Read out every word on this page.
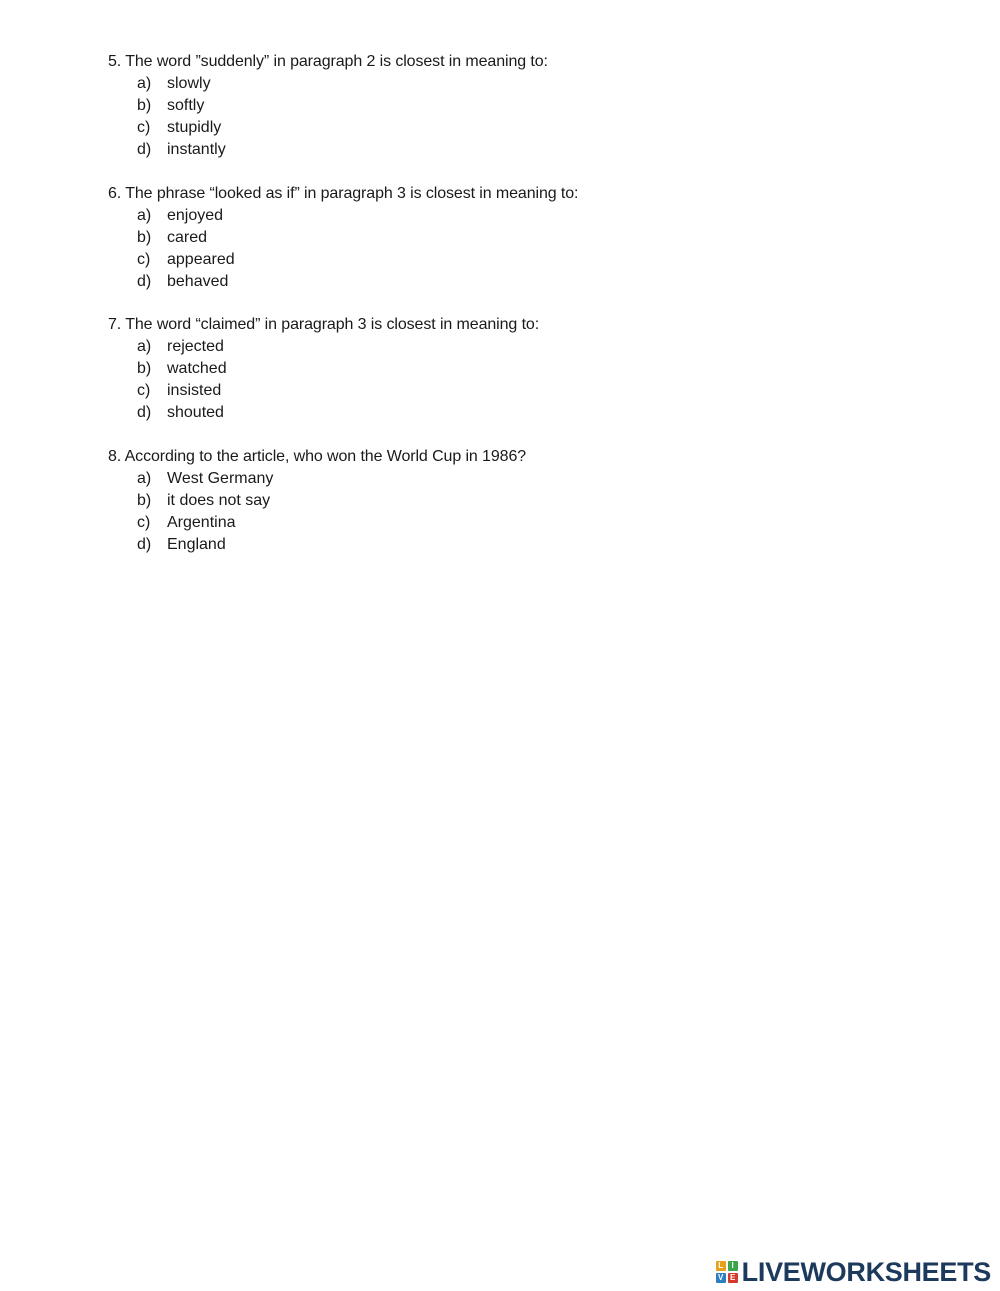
5. The word ”suddenly” in paragraph 2 is closest in meaning to:
a) slowly
b) softly
c)	stupidly
d) instantly
6. The phrase “looked as if” in paragraph 3 is closest in meaning to:
a) enjoyed
b) cared
c)	appeared
d) behaved
7. The word “claimed” in paragraph 3 is closest in meaning to:
a) rejected
b) watched
c)	insisted
d) shouted
8. According to the article, who won the World Cup in 1986?
a) West Germany
b) it does not say
c)	Argentina
d) England
L	I
V E LIVEWORKSHEETS
